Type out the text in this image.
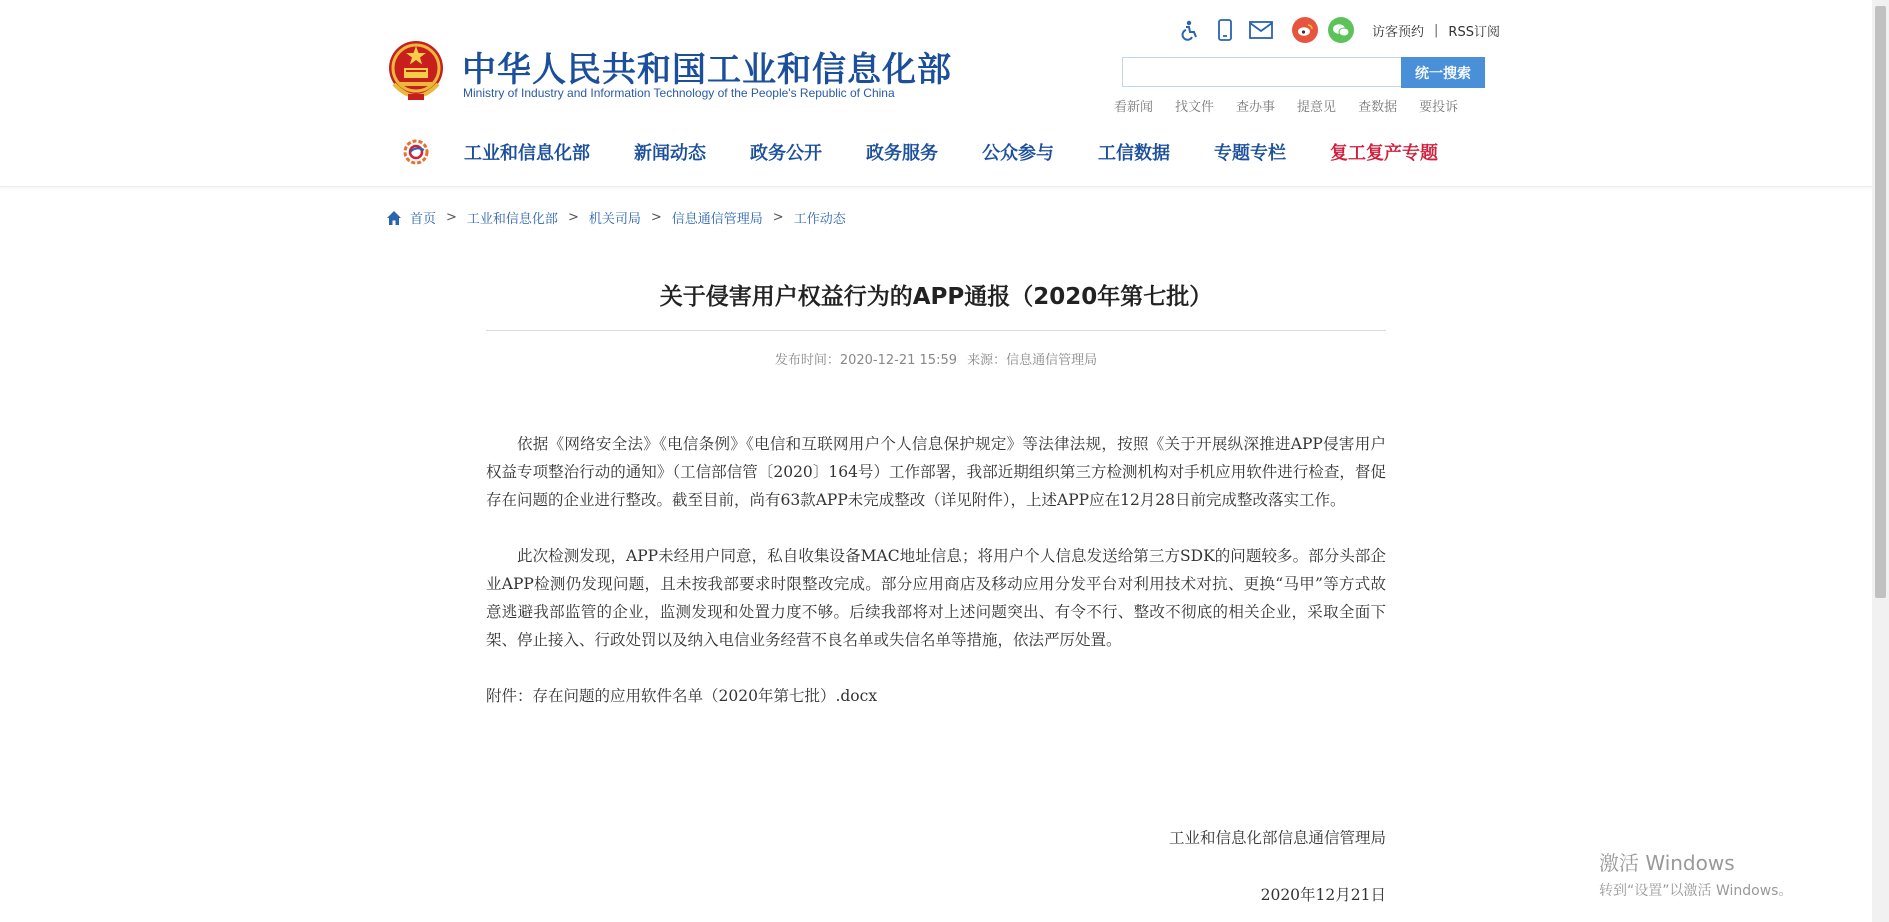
中华人民共和国工业和信息化部
Ministry of Industry and Information Technology of the People's Republic of China
访客预约 | RSS订阅
统一搜索
看新闻 找文件 查办事 提意见 查数据 要投诉
工业和信息化部 新闻动态 政务公开 政务服务 公众参与 工信数据 专题专栏 复工复产专题
首页 > 工业和信息化部 > 机关司局 > 信息通信管理局 > 工作动态
关于侵害用户权益行为的APP通报（2020年第七批）
发布时间：2020-12-21 15:59 来源：信息通信管理局

依据《网络安全法》《电信条例》《电信和互联网用户个人信息保护规定》等法律法规，按照《关于开展纵深推进APP侵害用户权益专项整治行动的通知》（工信部信管〔2020〕164号）工作部署，我部近期组织第三方检测机构对手机应用软件进行检查，督促存在问题的企业进行整改。截至目前，尚有63款APP未完成整改（详见附件），上述APP应在12月28日前完成整改落实工作。

此次检测发现，APP未经用户同意，私自收集设备MAC地址信息；将用户个人信息发送给第三方SDK的问题较多。部分头部企业APP检测仍发现问题，且未按我部要求时限整改完成。部分应用商店及移动应用分发平台对利用技术对抗、更换“马甲”等方式故意逃避我部监管的企业，监测发现和处置力度不够。后续我部将对上述问题突出、有令不行、整改不彻底的相关企业，采取全面下架、停止接入、行政处罚以及纳入电信业务经营不良名单或失信名单等措施，依法严厉处置。

附件：存在问题的应用软件名单（2020年第七批）.docx

工业和信息化部信息通信管理局
2020年12月21日
激活 Windows
转到“设置”以激活 Windows。
